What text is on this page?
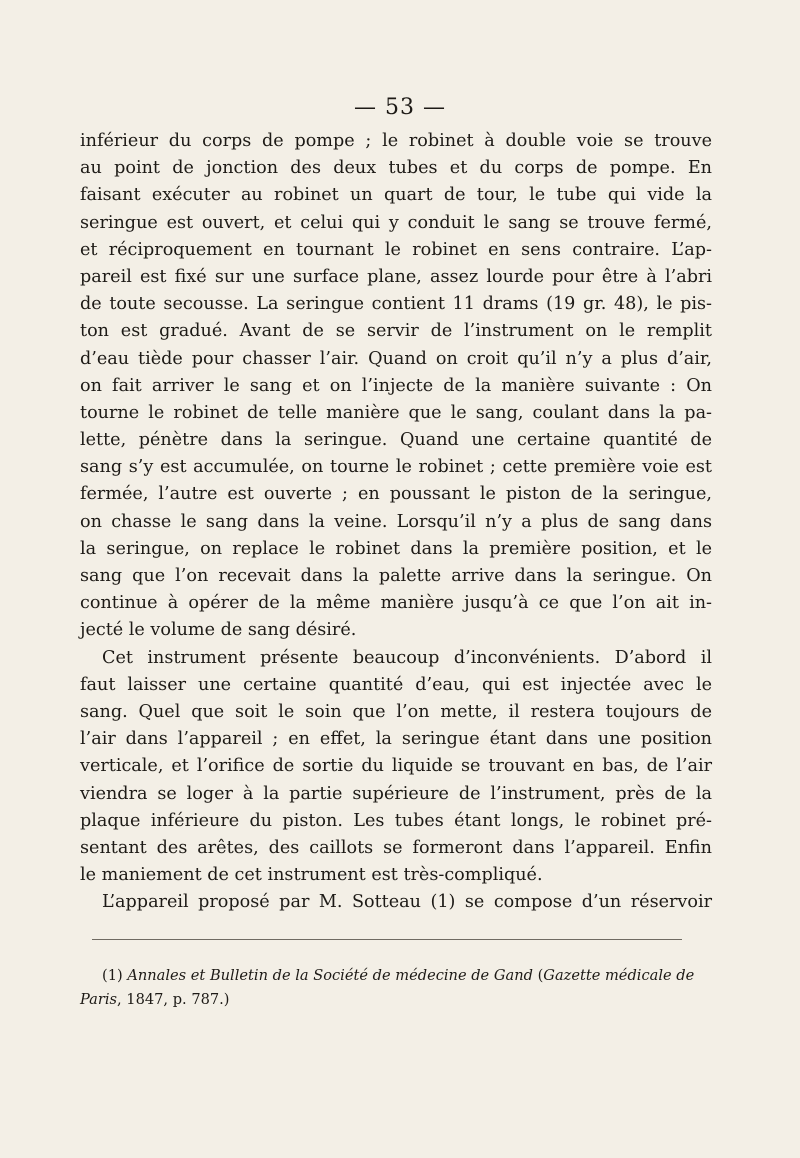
— 53 —
inférieur du corps de pompe ; le robinet à double voie se trouve
au point de jonction des deux tubes et du corps de pompe. En
faisant exécuter au robinet un quart de tour, le tube qui vide la
seringue est ouvert, et celui qui y conduit le sang se trouve fermé,
et réciproquement en tournant le robinet en sens contraire. L’ap-
pareil est fixé sur une surface plane, assez lourde pour être à l’abri
de toute secousse. La seringue contient 11 drams (19 gr. 48), le pis-
ton est gradué. Avant de se servir de l’instrument on le remplit
d’eau tiède pour chasser l’air. Quand on croit qu’il n’y a plus d’air,
on fait arriver le sang et on l’injecte de la manière suivante : On
tourne le robinet de telle manière que le sang, coulant dans la pa-
lette, pénètre dans la seringue. Quand une certaine quantité de
sang s’y est accumulée, on tourne le robinet ; cette première voie est
fermée, l’autre est ouverte ; en poussant le piston de la seringue,
on chasse le sang dans la veine. Lorsqu’il n’y a plus de sang dans
la seringue, on replace le robinet dans la première position, et le
sang que l’on recevait dans la palette arrive dans la seringue. On
continue à opérer de la même manière jusqu’à ce que l’on ait in-
jecté le volume de sang désiré.
Cet instrument présente beaucoup d’inconvénients. D’abord il
faut laisser une certaine quantité d’eau, qui est injectée avec le
sang. Quel que soit le soin que l’on mette, il restera toujours de
l’air dans l’appareil ; en effet, la seringue étant dans une position
verticale, et l’orifice de sortie du liquide se trouvant en bas, de l’air
viendra se loger à la partie supérieure de l’instrument, près de la
plaque inférieure du piston. Les tubes étant longs, le robinet pré-
sentant des arêtes, des caillots se formeront dans l’appareil. Enfin
le maniement de cet instrument est très-compliqué.
L’appareil proposé par M. Sotteau (1) se compose d’un réservoir
(1) Annales et Bulletin de la Société de médecine de Gand (Gazette médicale de
Paris, 1847, p. 787.)
